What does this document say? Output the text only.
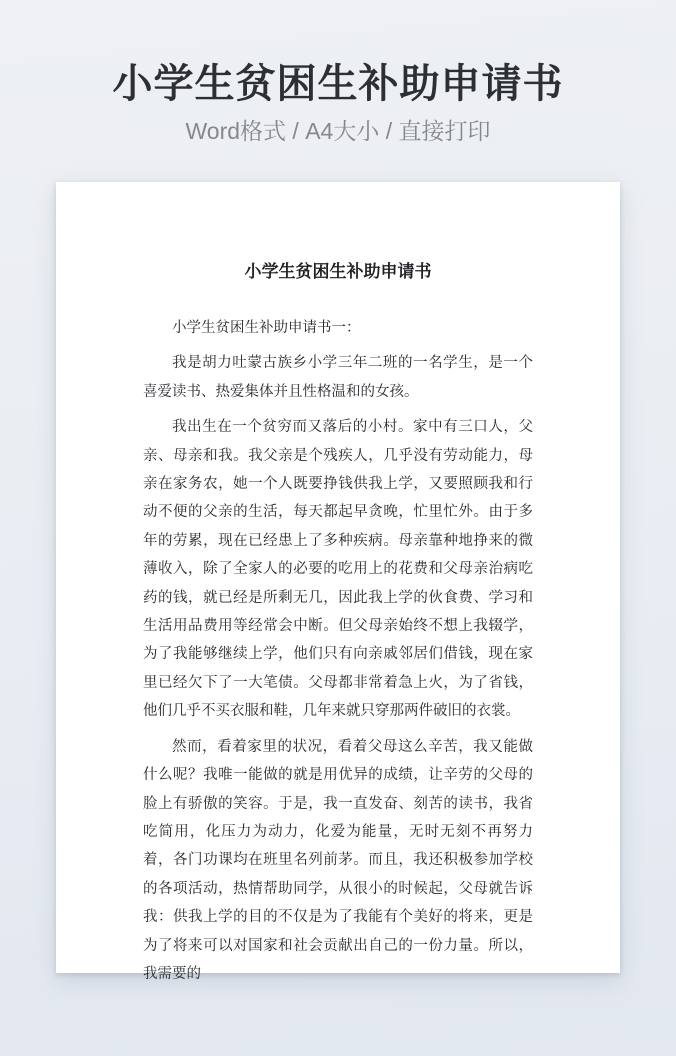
小学生贫困生补助申请书
Word格式 / A4大小 / 直接打印
小学生贫困生补助申请书

小学生贫困生补助申请书一：

我是胡力吐蒙古族乡小学三年二班的一名学生，是一个喜爱读书、热爱集体并且性格温和的女孩。

我出生在一个贫穷而又落后的小村。家中有三口人，父亲、母亲和我。我父亲是个残疾人，几乎没有劳动能力，母亲在家务农，她一个人既要挣钱供我上学，又要照顾我和行动不便的父亲的生活，每天都起早贪晚，忙里忙外。由于多年的劳累，现在已经患上了多种疾病。母亲靠种地挣来的微薄收入，除了全家人的必要的吃用上的花费和父母亲治病吃药的钱，就已经是所剩无几，因此我上学的伙食费、学习和生活用品费用等经常会中断。但父母亲始终不想上我辍学，为了我能够继续上学，他们只有向亲戚邻居们借钱，现在家里已经欠下了一大笔债。父母都非常着急上火，为了省钱，他们几乎不买衣服和鞋，几年来就只穿那两件破旧的衣裳。

然而，看着家里的状况，看着父母这么辛苦，我又能做什么呢？我唯一能做的就是用优异的成绩，让辛劳的父母的脸上有骄傲的笑容。于是，我一直发奋、刻苦的读书，我省吃简用，化压力为动力，化爱为能量，无时无刻不再努力着，各门功课均在班里名列前茅。而且，我还积极参加学校的各项活动，热情帮助同学，从很小的时候起，父母就告诉我：供我上学的目的不仅是为了我能有个美好的将来，更是为了将来可以对国家和社会贡献出自己的一份力量。所以，我需要的
